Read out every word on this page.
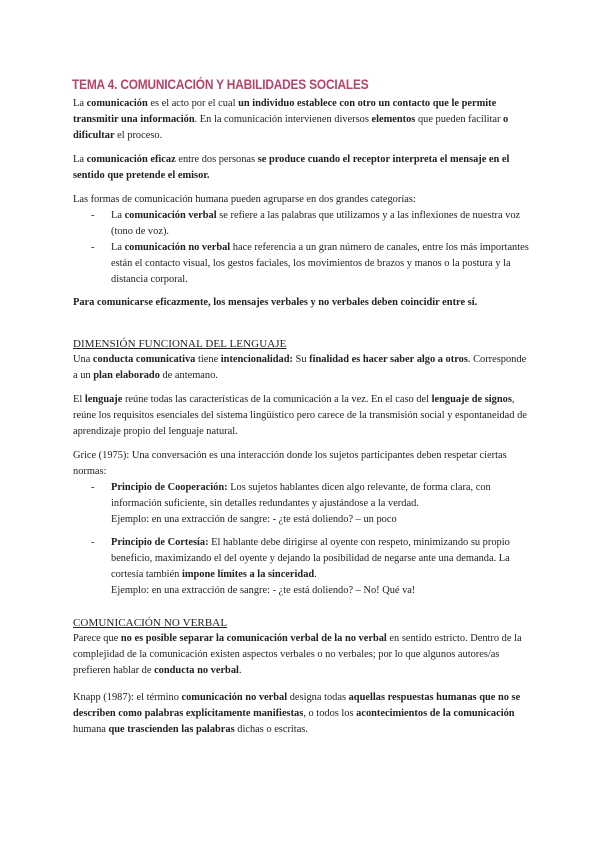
TEMA 4. COMUNICACIÓN Y HABILIDADES SOCIALES

La comunicación es el acto por el cual un individuo establece con otro un contacto que le permite transmitir una información. En la comunicación intervienen diversos elementos que pueden facilitar o dificultar el proceso.

La comunicación eficaz entre dos personas se produce cuando el receptor interpreta el mensaje en el sentido que pretende el emisor.

Las formas de comunicación humana pueden agruparse en dos grandes categorías:

- La comunicación verbal se refiere a las palabras que utilizamos y a las inflexiones de nuestra voz (tono de voz).

- La comunicación no verbal hace referencia a un gran número de canales, entre los más importantes están el contacto visual, los gestos faciales, los movimientos de brazos y manos o la postura y la distancia corporal.

Para comunicarse eficazmente, los mensajes verbales y no verbales deben coincidir entre sí.

DIMENSIÓN FUNCIONAL DEL LENGUAJE

Una conducta comunicativa tiene intencionalidad: Su finalidad es hacer saber algo a otros. Corresponde a un plan elaborado de antemano.

El lenguaje reúne todas las características de la comunicación a la vez. En el caso del lenguaje de signos, reúne los requisitos esenciales del sistema lingüístico pero carece de la transmisión social y espontaneidad de aprendizaje propio del lenguaje natural.

Grice (1975): Una conversación es una interacción donde los sujetos participantes deben respetar ciertas normas:

- Principio de Cooperación: Los sujetos hablantes dicen algo relevante, de forma clara, con información suficiente, sin detalles redundantes y ajustándose a la verdad.
Ejemplo: en una extracción de sangre: - ¿te está doliendo? – un poco
- Principio de Cortesía: El hablante debe dirigirse al oyente con respeto, minimizando su propio beneficio, maximizando el del oyente y dejando la posibilidad de negarse ante una demanda. La cortesía también impone límites a la sinceridad.
Ejemplo: en una extracción de sangre: - ¿te está doliendo? – No! Qué va!

COMUNICACIÓN NO VERBAL

Parece que no es posible separar la comunicación verbal de la no verbal en sentido estricto. Dentro de la complejidad de la comunicación existen aspectos verbales o no verbales; por lo que algunos autores/as prefieren hablar de conducta no verbal.

Knapp (1987): el término comunicación no verbal designa todas aquellas respuestas humanas que no se describen como palabras explícitamente manifiestas, o todos los acontecimientos de la comunicación humana que trascienden las palabras dichas o escritas.
